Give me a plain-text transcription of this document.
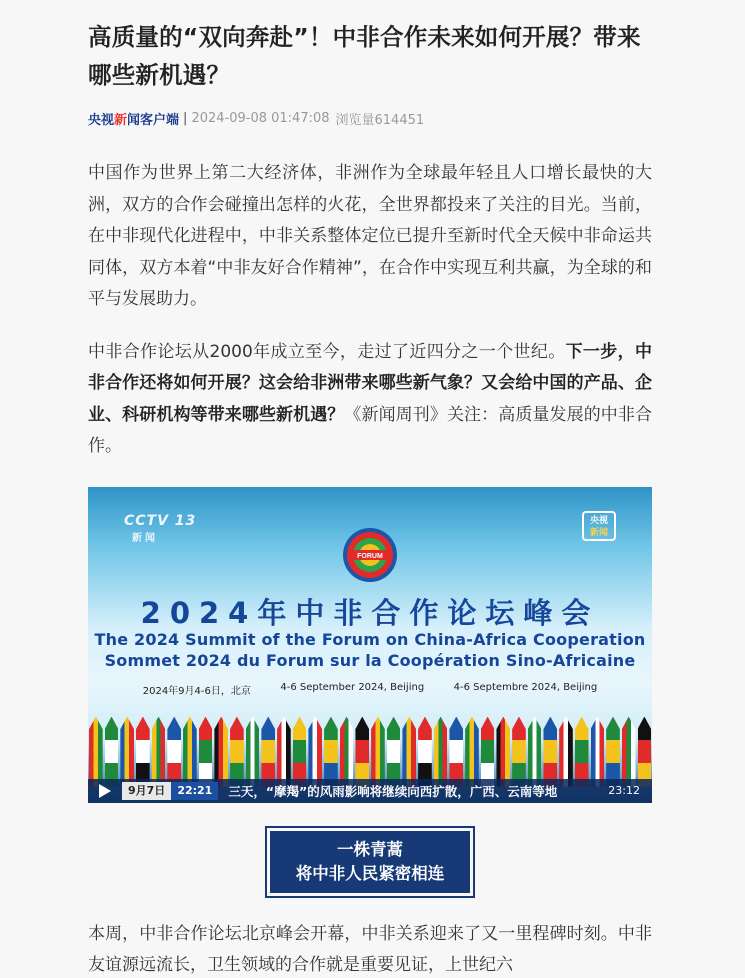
高质量的“双向奔赴”！中非合作未来如何开展？带来哪些新机遇？
央视新闻客户端 | 2024-09-08 01:47:08 浏览量614451

中国作为世界上第二大经济体，非洲作为全球最年轻且人口增长最快的大洲，双方的合作会碰撞出怎样的火花，全世界都投来了关注的目光。当前，在中非现代化进程中，中非关系整体定位已提升至新时代全天候中非命运共同体，双方本着“中非友好合作精神”，在合作中实现互利共赢，为全球的和平与发展助力。

中非合作论坛从2000年成立至今，走过了近四分之一个世纪。下一步，中非合作还将如何开展？这会给非洲带来哪些新气象？又会给中国的产品、企业、科研机构等带来哪些新机遇？《新闻周刊》关注：高质量发展的中非合作。

CCTV 13
新闻
央视
新闻
FORUM
2024年中非合作论坛峰会
The 2024 Summit of the Forum on China-Africa Cooperation
Sommet 2024 du Forum sur la Coopération Sino-Africaine
2024年9月4-6日，北京	4-6 September 2024, Beijing	4-6 Septembre 2024, Beijing
9月7日	22:21	三天，“摩羯”的风雨影响将继续向西扩散，广西、云南等地	23:12
一株青蒿
将中非人民紧密相连

本周，中非合作论坛北京峰会开幕，中非关系迎来了又一里程碑时刻。中非友谊源远流长，卫生领域的合作就是重要见证，上世纪六
